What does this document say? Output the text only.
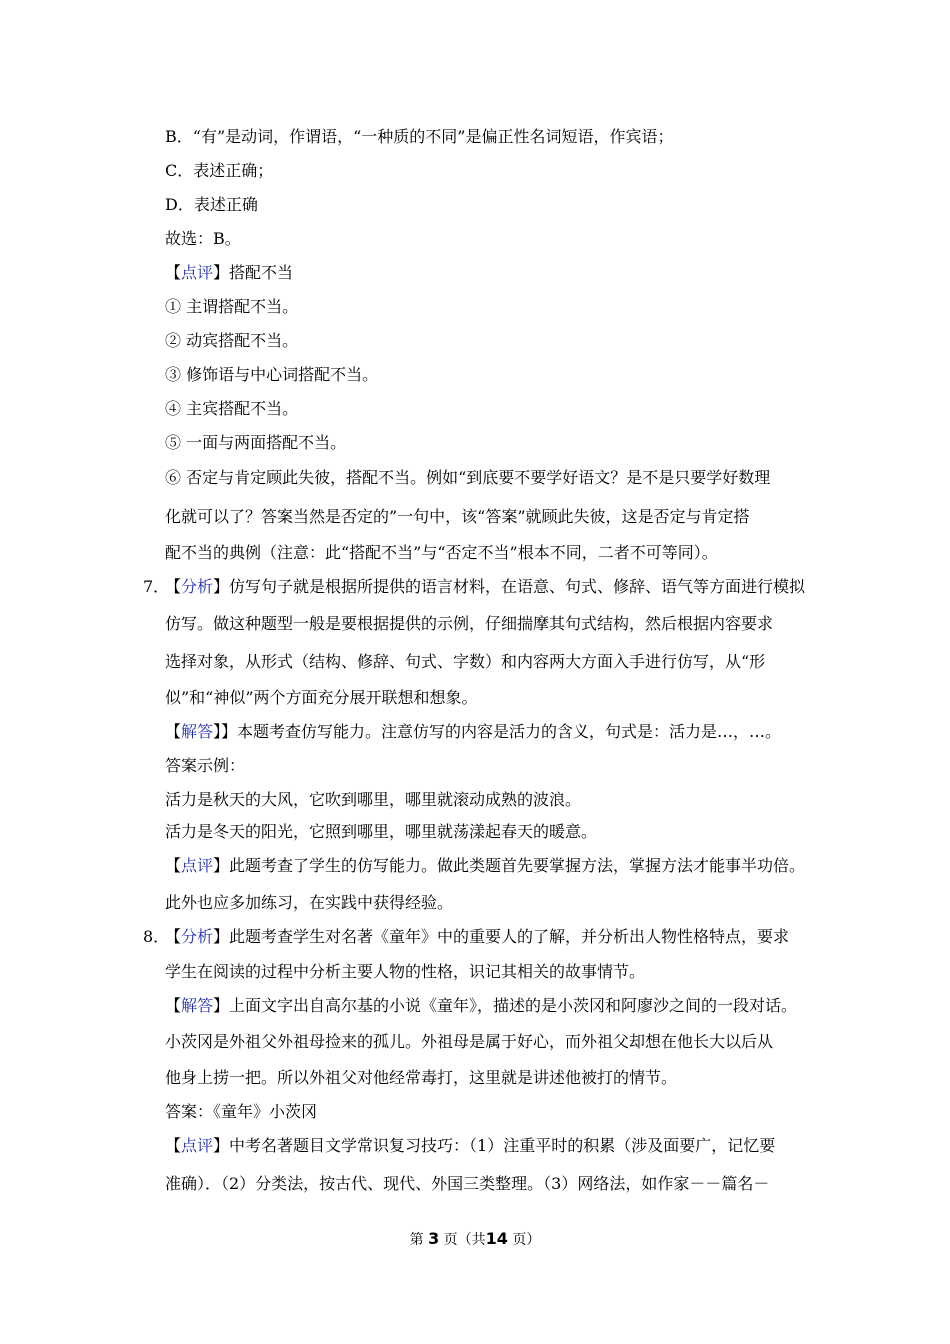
B．“有”是动词，作谓语，“一种质的不同”是偏正性名词短语，作宾语；
C．表述正确；
D．表述正确
故选：B。
【点评】搭配不当
① 主谓搭配不当。
② 动宾搭配不当。
③ 修饰语与中心词搭配不当。
④ 主宾搭配不当。
⑤ 一面与两面搭配不当。
⑥ 否定与肯定顾此失彼，搭配不当。例如“到底要不要学好语文？是不是只要学好数理
化就可以了？答案当然是否定的”一句中，该“答案”就顾此失彼，这是否定与肯定搭
配不当的典例（注意：此“搭配不当”与“否定不当”根本不同，二者不可等同）。
7．
【分析】仿写句子就是根据所提供的语言材料，在语意、句式、修辞、语气等方面进行模拟
仿写。做这种题型一般是要根据提供的示例，仔细揣摩其句式结构，然后根据内容要求
选择对象，从形式（结构、修辞、句式、字数）和内容两大方面入手进行仿写，从“形
似”和“神似”两个方面充分展开联想和想象。
【解答】】本题考查仿写能力。注意仿写的内容是活力的含义，句式是：活力是…，…。
答案示例：
活力是秋天的大风，它吹到哪里，哪里就滚动成熟的波浪。
活力是冬天的阳光，它照到哪里，哪里就荡漾起春天的暖意。
【点评】此题考查了学生的仿写能力。做此类题首先要掌握方法，掌握方法才能事半功倍。
此外也应多加练习，在实践中获得经验。
8．
【分析】此题考查学生对名著《童年》中的重要人的了解，并分析出人物性格特点，要求
学生在阅读的过程中分析主要人物的性格，识记其相关的故事情节。
【解答】上面文字出自高尔基的小说《童年》，描述的是小茨冈和阿廖沙之间的一段对话。
小茨冈是外祖父外祖母捡来的孤儿。外祖母是属于好心，而外祖父却想在他长大以后从
他身上捞一把。所以外祖父对他经常毒打，这里就是讲述他被打的情节。
答案：《童年》小茨冈
【点评】中考名著题目文学常识复习技巧：（1）注重平时的积累（涉及面要广，记忆要
准确）．（2）分类法，按古代、现代、外国三类整理。（3）网络法，如作家－－篇名－
第 3 页（共14 页）
